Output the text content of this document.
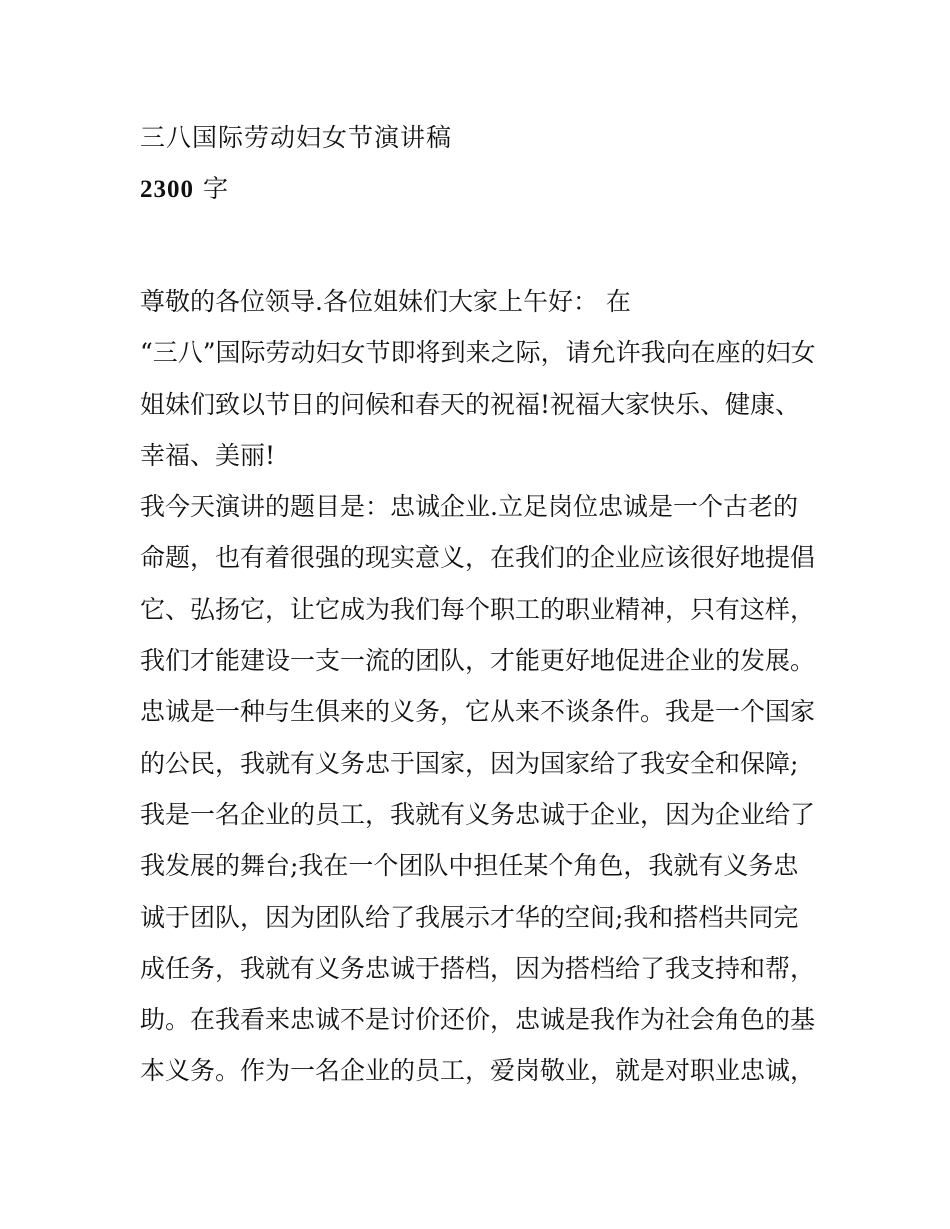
三八国际劳动妇女节演讲稿
2300 字
尊敬的各位领导.各位姐妹们大家上午好： 在
“三八”国际劳动妇女节即将到来之际，请允许我向在座的妇女
姐妹们致以节日的问候和春天的祝福!祝福大家快乐、健康、
幸福、美丽!
我今天演讲的题目是：忠诚企业.立足岗位忠诚是一个古老的
命题，也有着很强的现实意义，在我们的企业应该很好地提倡
它、弘扬它，让它成为我们每个职工的职业精神，只有这样，
我们才能建设一支一流的团队，才能更好地促进企业的发展。
忠诚是一种与生俱来的义务，它从来不谈条件。我是一个国家
的公民，我就有义务忠于国家，因为国家给了我安全和保障;
我是一名企业的员工，我就有义务忠诚于企业，因为企业给了
我发展的舞台;我在一个团队中担任某个角色，我就有义务忠
诚于团队，因为团队给了我展示才华的空间;我和搭档共同完
成任务，我就有义务忠诚于搭档，因为搭档给了我支持和帮，
助。在我看来忠诚不是讨价还价，忠诚是我作为社会角色的基
本义务。作为一名企业的员工，爱岗敬业，就是对职业忠诚，
